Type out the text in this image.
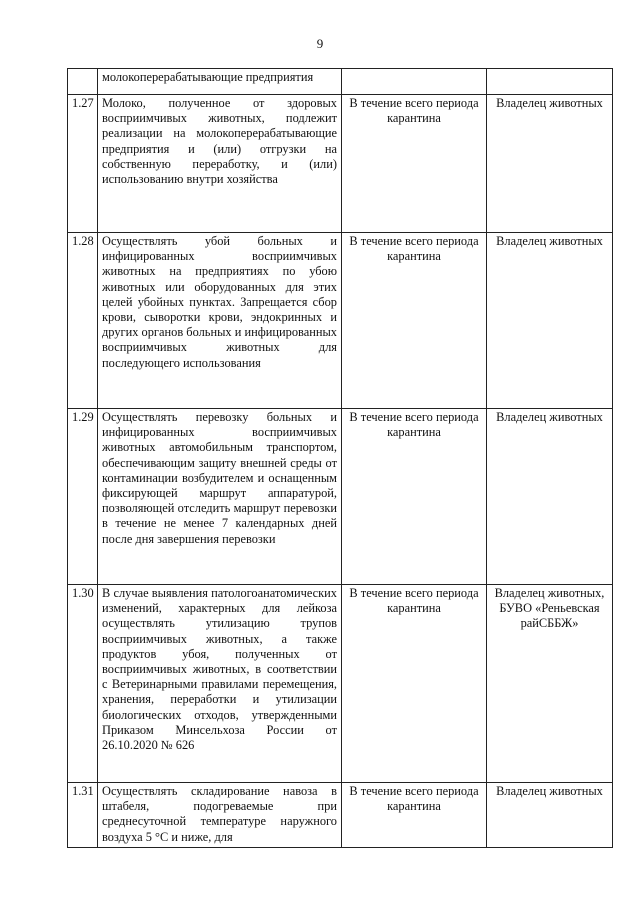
9
	молокоперерабатывающие предприятия		
1.27	Молоко, полученное от здоровых восприимчивых животных, подлежит реализации на молокоперерабатывающие предприятия и (или) отгрузки на собственную переработку, и (или) использованию внутри хозяйства	В течение всего периода карантина	Владелец животных
1.28	Осуществлять убой больных и инфицированных восприимчивых животных на предприятиях по убою животных или оборудованных для этих целей убойных пунктах. Запрещается сбор крови, сыворотки крови, эндокринных и других органов больных и инфицированных восприимчивых животных для последующего использования	В течение всего периода карантина	Владелец животных
1.29	Осуществлять перевозку больных и инфицированных восприимчивых животных автомобильным транспортом, обеспечивающим защиту внешней среды от контаминации возбудителем и оснащенным фиксирующей маршрут аппаратурой, позволяющей отследить маршрут перевозки в течение не менее 7 календарных дней после дня завершения перевозки	В течение всего периода карантина	Владелец животных
1.30	В случае выявления патологоанатомических изменений, характерных для лейкоза осуществлять утилизацию трупов восприимчивых животных, а также продуктов убоя, полученных от восприимчивых животных, в соответствии с Ветеринарными правилами перемещения, хранения, переработки и утилизации биологических отходов, утвержденными Приказом Минсельхоза России от 26.10.2020 № 626	В течение всего периода карантина	Владелец животных, БУВО «Реньевская райСББЖ»
1.31	Осуществлять складирование навоза в штабеля, подогреваемые при среднесуточной температуре наружного воздуха 5 °С и ниже, для	В течение всего периода карантина	Владелец животных
